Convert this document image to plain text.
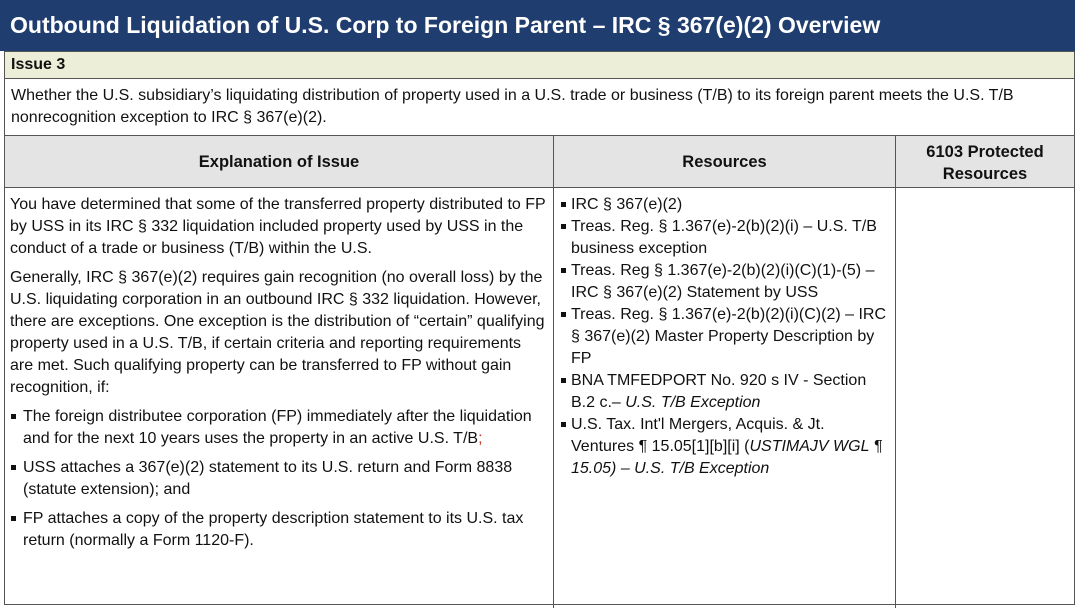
Outbound Liquidation of U.S. Corp to Foreign Parent – IRC § 367(e)(2) Overview
Issue 3
Whether the U.S. subsidiary’s liquidating distribution of property used in a U.S. trade or business (T/B) to its foreign parent meets the U.S. T/B nonrecognition exception to IRC § 367(e)(2).
Explanation of Issue	Resources
6103 Protected Resources

You have determined that some of the transferred property distributed to FP by USS in its IRC § 332 liquidation included property used by USS in the conduct of a trade or business (T/B) within the U.S.

Generally, IRC § 367(e)(2) requires gain recognition (no overall loss) by the U.S. liquidating corporation in an outbound IRC § 332 liquidation. However, there are exceptions. One exception is the distribution of “certain” qualifying property used in a U.S. T/B, if certain criteria and reporting requirements are met. Such qualifying property can be transferred to FP without gain recognition, if:

The foreign distributee corporation (FP) immediately after the liquidation and for the next 10 years uses the property in an active U.S. T/B;
USS attaches a 367(e)(2) statement to its U.S. return and Form 8838 (statute extension); and
FP attaches a copy of the property description statement to its U.S. tax return (normally a Form 1120-F).
IRC § 367(e)(2)
Treas. Reg. § 1.367(e)-2(b)(2)(i) – U.S. T/B business exception
Treas. Reg § 1.367(e)-2(b)(2)(i)(C)(1)-(5) –IRC § 367(e)(2) Statement by USS
Treas. Reg. § 1.367(e)-2(b)(2)(i)(C)(2) – IRC § 367(e)(2) Master Property Description by FP
BNA TMFEDPORT No. 920 s IV - Section B.2 c.– U.S. T/B Exception
U.S. Tax. Int'l Mergers, Acquis. & Jt. Ventures ¶ 15.05[1][b][i] (USTIMAJV WGL ¶ 15.05) – U.S. T/B Exception
